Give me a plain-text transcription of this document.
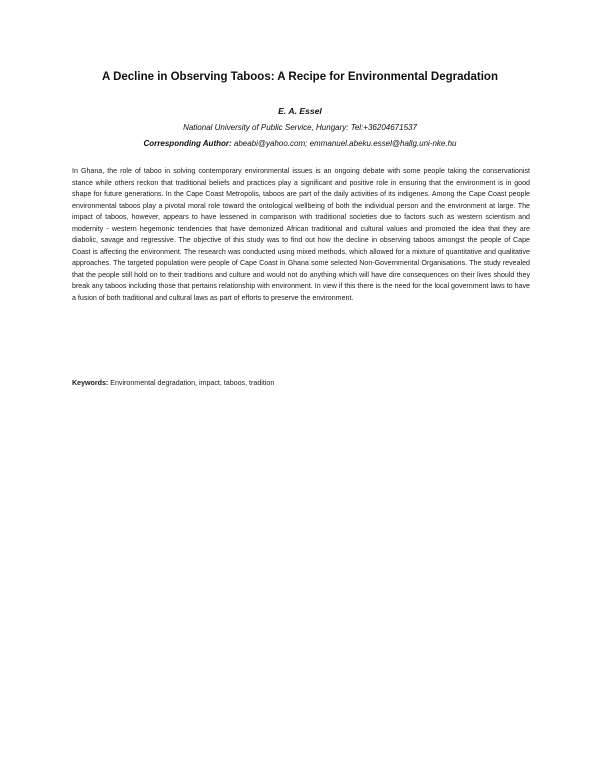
A Decline in Observing Taboos: A Recipe for Environmental Degradation
E. A. Essel
National University of Public Service, Hungary: Tel:+36204671537
Corresponding Author: abeabi@yahoo.com; emmanuel.abeku.essel@hallg.uni-nke.hu
In Ghana, the role of taboo in solving contemporary environmental issues is an ongoing debate with some people taking the conservationist stance while others reckon that traditional beliefs and practices play a significant and positive role in ensuring that the environment is in good shape for future generations. In the Cape Coast Metropolis, taboos are part of the daily activities of its indigenes. Among the Cape Coast people environmental taboos play a pivotal moral role toward the ontological wellbeing of both the individual person and the environment at large. The impact of taboos, however, appears to have lessened in comparison with traditional societies due to factors such as western scientism and modernity - western hegemonic tendencies that have demonized African traditional and cultural values and promoted the idea that they are diabolic, savage and regressive. The objective of this study was to find out how the decline in observing taboos amongst the people of Cape Coast is affecting the environment. The research was conducted using mixed methods, which allowed for a mixture of quantitative and qualitative approaches. The targeted population were people of Cape Coast in Ghana some selected Non-Governmental Organisations. The study revealed that the people still hold on to their traditions and culture and would not do anything which will have dire consequences on their lives should they break any taboos including those that pertains relationship with environment. In view if this there is the need for the local government laws to have a fusion of both traditional and cultural laws as part of efforts to preserve the environment.
Keywords: Environmental degradation, impact, taboos, tradition
